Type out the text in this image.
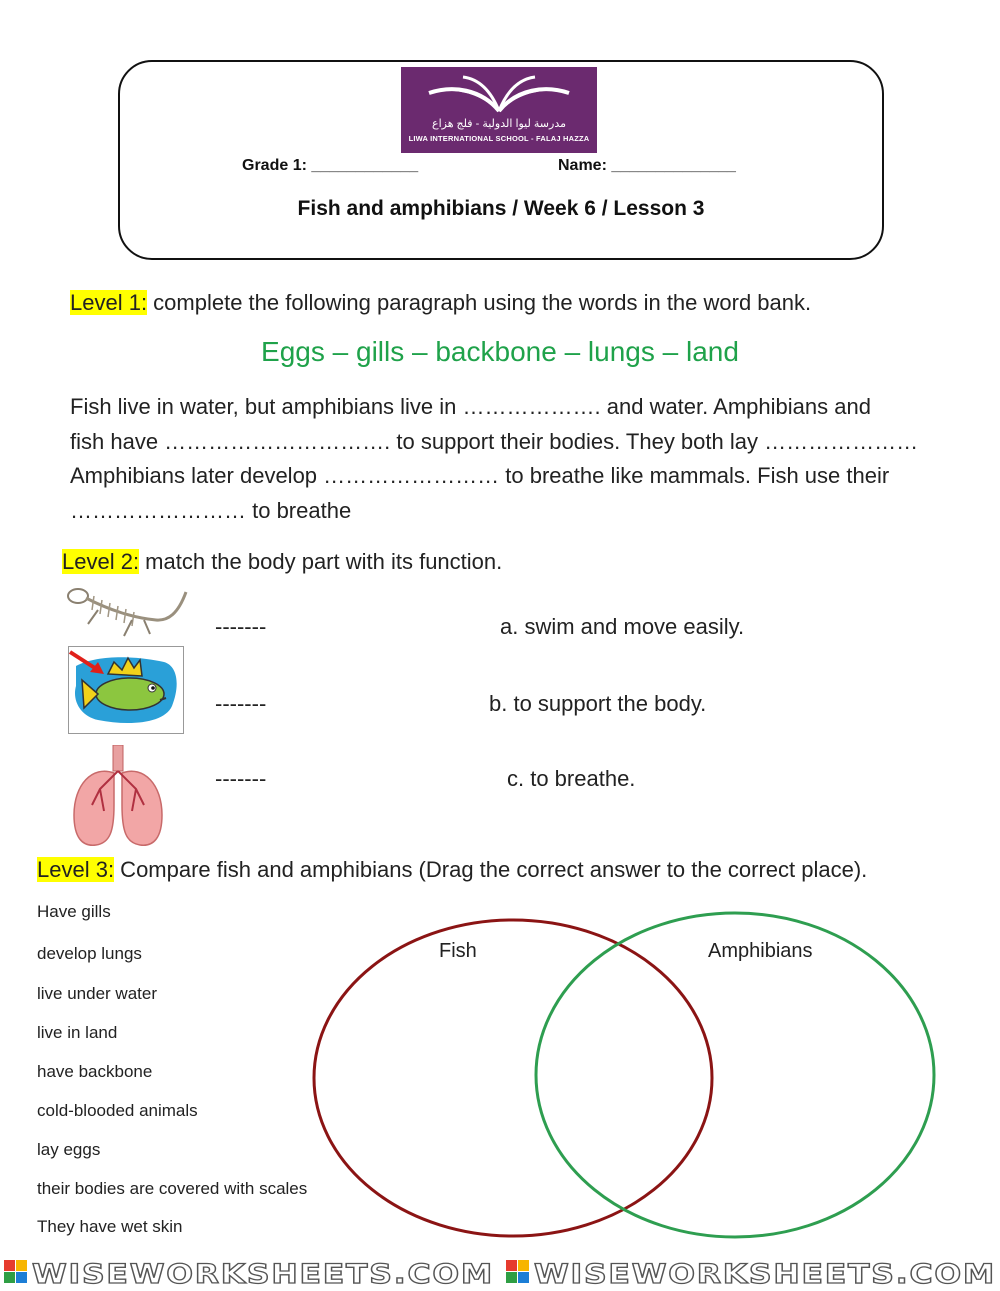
مدرسة ليوا الدولية - فلج هزاع
LIWA INTERNATIONAL SCHOOL - FALAJ HAZZA
Grade 1: ____________	Name: ______________
Fish and amphibians / Week 6 / Lesson 3
Level 1: complete the following paragraph using the words in the word bank.
Eggs – gills – backbone – lungs – land
Fish live in water, but amphibians live in ………………. and water. Amphibians and
fish have …………………………. to support their bodies. They both lay …………………
Amphibians later develop …………………… to breathe like mammals. Fish use their
…………………… to breathe
Level 2: match the body part with its function.
-------	a. swim and move easily.
-------	b. to support the body.
-------	c. to breathe.
Level 3: Compare fish and amphibians (Drag the correct answer to the correct place).
Have gills
develop lungs
live under water
live in land
have backbone
cold-blooded animals
lay eggs
their bodies are covered with scales
They have wet skin
Fish	Amphibians
WISEWORKSHEETS.COM WISEWORKSHEETS.COM
